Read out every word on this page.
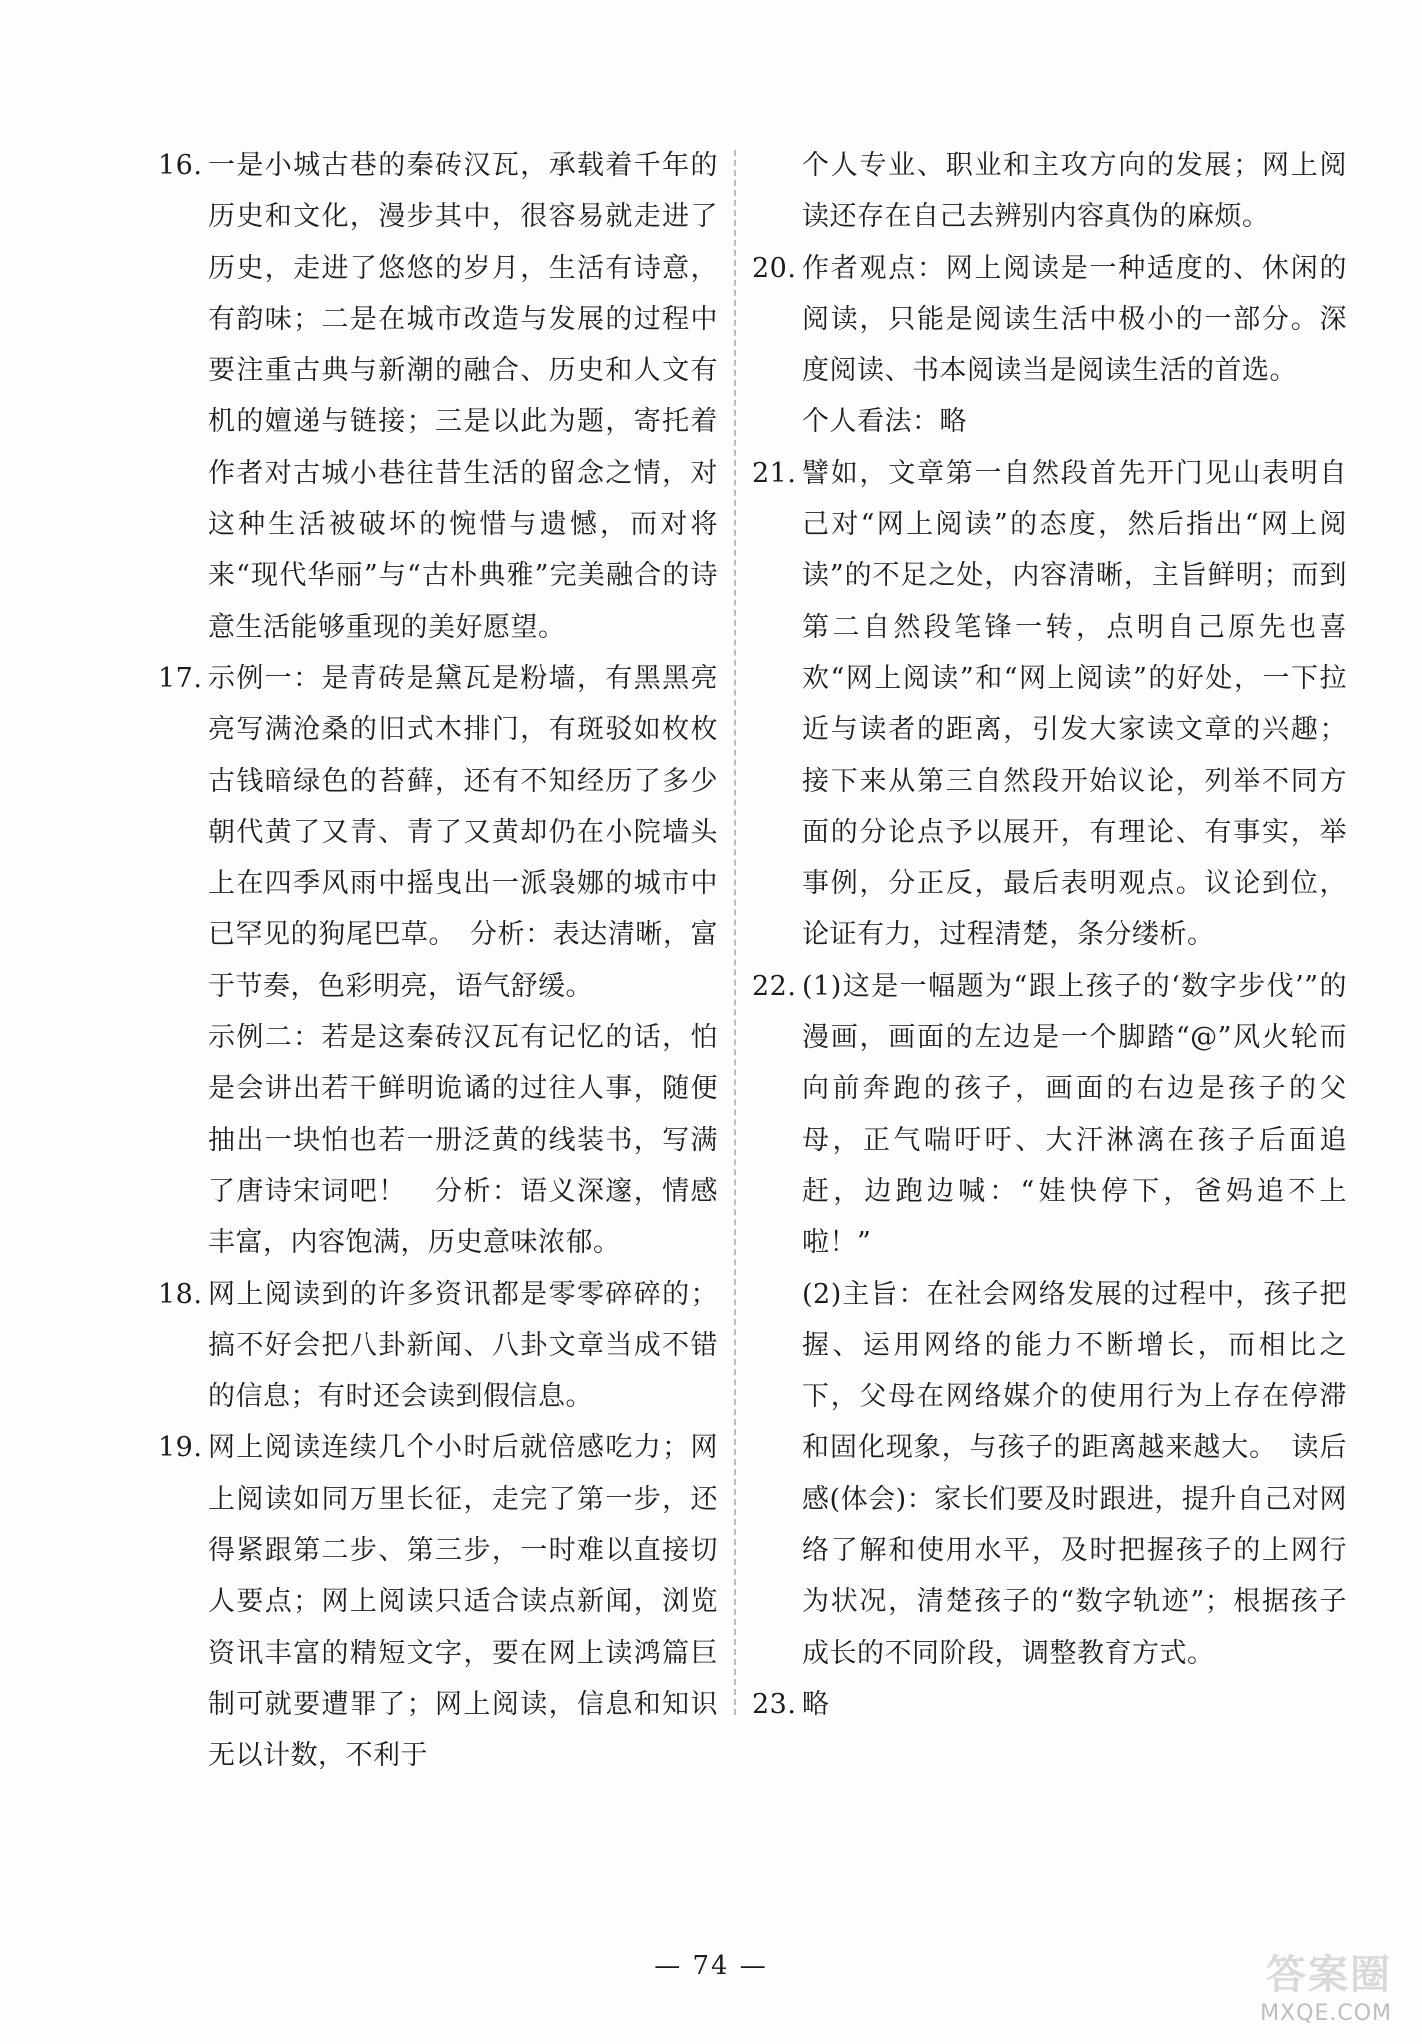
16. 一是小城古巷的秦砖汉瓦，承载着千年的历史和文化，漫步其中，很容易就走进了历史，走进了悠悠的岁月，生活有诗意，有韵味；二是在城市改造与发展的过程中要注重古典与新潮的融合、历史和人文有机的嬗递与链接；三是以此为题，寄托着作者对古城小巷往昔生活的留念之情，对这种生活被破坏的惋惜与遗憾，而对将来“现代华丽”与“古朴典雅”完美融合的诗意生活能够重现的美好愿望。

17. 示例一：是青砖是黛瓦是粉墙，有黑黑亮亮写满沧桑的旧式木排门，有斑驳如枚枚古钱暗绿色的苔藓，还有不知经历了多少朝代黄了又青、青了又黄却仍在小院墙头上在四季风雨中摇曳出一派袅娜的城市中已罕见的狗尾巴草。　分析：表达清晰，富于节奏，色彩明亮，语气舒缓。

示例二：若是这秦砖汉瓦有记忆的话，怕是会讲出若干鲜明诡谲的过往人事，随便抽出一块怕也若一册泛黄的线装书，写满了唐诗宋词吧！　分析：语义深邃，情感丰富，内容饱满，历史意味浓郁。

18. 网上阅读到的许多资讯都是零零碎碎的；搞不好会把八卦新闻、八卦文章当成不错的信息；有时还会读到假信息。

19. 网上阅读连续几个小时后就倍感吃力；网上阅读如同万里长征，走完了第一步，还得紧跟第二步、第三步，一时难以直接切人要点；网上阅读只适合读点新闻，浏览资讯丰富的精短文字，要在网上读鸿篇巨制可就要遭罪了；网上阅读，信息和知识无以计数，不利于

个人专业、职业和主攻方向的发展；网上阅读还存在自己去辨别内容真伪的麻烦。

20. 作者观点：网上阅读是一种适度的、休闲的阅读，只能是阅读生活中极小的一部分。深度阅读、书本阅读当是阅读生活的首选。

个人看法：略

21. 譬如，文章第一自然段首先开门见山表明自己对“网上阅读”的态度，然后指出“网上阅读”的不足之处，内容清晰，主旨鲜明；而到第二自然段笔锋一转，点明自己原先也喜欢“网上阅读”和“网上阅读”的好处，一下拉近与读者的距离，引发大家读文章的兴趣；接下来从第三自然段开始议论，列举不同方面的分论点予以展开，有理论、有事实，举事例，分正反，最后表明观点。议论到位，论证有力，过程清楚，条分缕析。

22. (1)这是一幅题为“跟上孩子的‘数字步伐’”的漫画，画面的左边是一个脚踏“@”风火轮而向前奔跑的孩子，画面的右边是孩子的父母，正气喘吁吁、大汗淋漓在孩子后面追赶，边跑边喊：“娃快停下，爸妈追不上啦！”

(2)主旨：在社会网络发展的过程中，孩子把握、运用网络的能力不断增长，而相比之下，父母在网络媒介的使用行为上存在停滞和固化现象，与孩子的距离越来越大。　读后感(体会)：家长们要及时跟进，提升自己对网络了解和使用水平，及时把握孩子的上网行为状况，清楚孩子的“数字轨迹”；根据孩子成长的不同阶段，调整教育方式。

23. 略

— 74 —	答案圈
MXQE.COM
